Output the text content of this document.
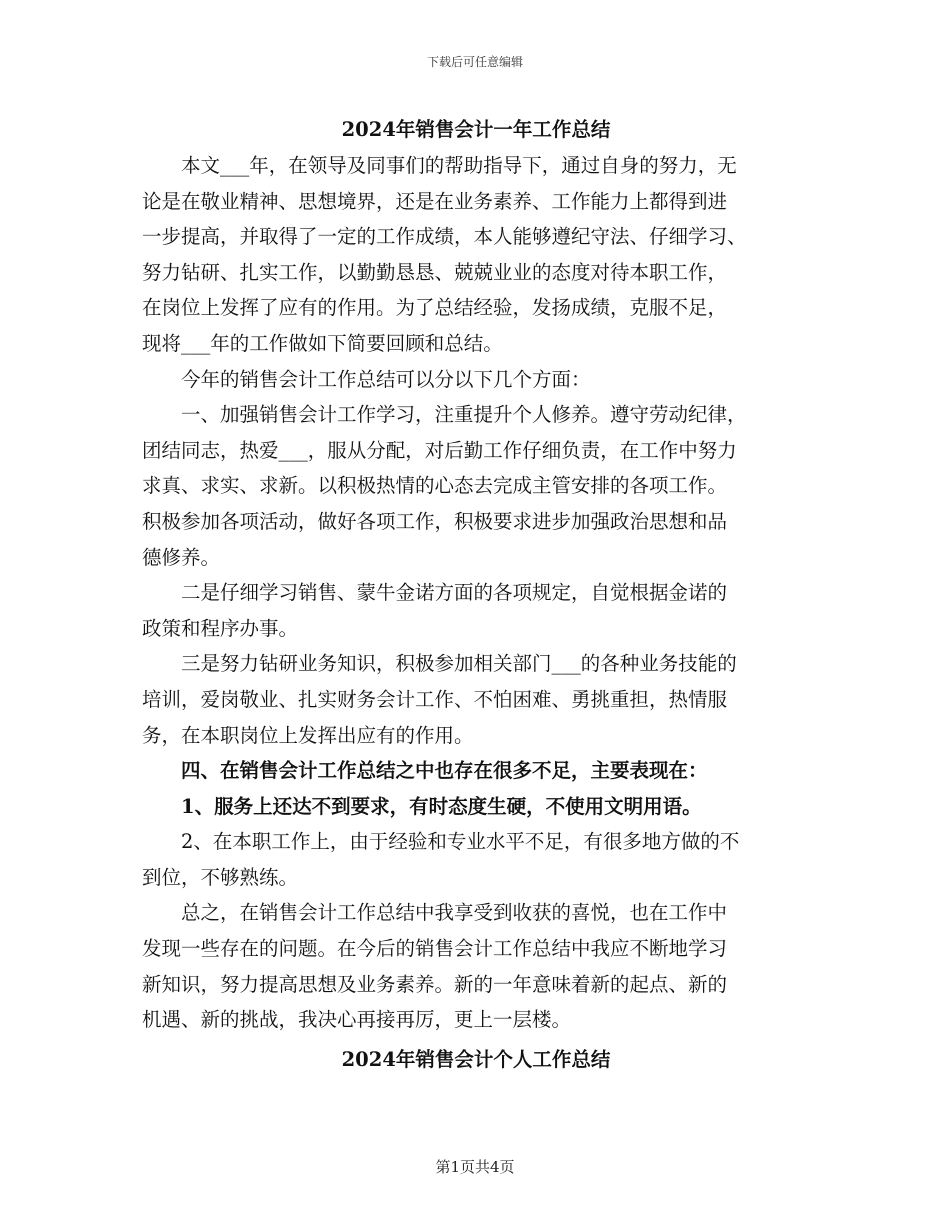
下载后可任意编辑
2024年销售会计一年工作总结
本文___年，在领导及同事们的帮助指导下，通过自身的努力，无
论是在敬业精神、思想境界，还是在业务素养、工作能力上都得到进
一步提高，并取得了一定的工作成绩，本人能够遵纪守法、仔细学习、
努力钻研、扎实工作，以勤勤恳恳、兢兢业业的态度对待本职工作，
在岗位上发挥了应有的作用。为了总结经验，发扬成绩，克服不足，
现将___年的工作做如下简要回顾和总结。
今年的销售会计工作总结可以分以下几个方面：
一、加强销售会计工作学习，注重提升个人修养。遵守劳动纪律，
团结同志，热爱___，服从分配，对后勤工作仔细负责，在工作中努力
求真、求实、求新。以积极热情的心态去完成主管安排的各项工作。
积极参加各项活动，做好各项工作，积极要求进步加强政治思想和品
德修养。
二是仔细学习销售、蒙牛金诺方面的各项规定，自觉根据金诺的
政策和程序办事。
三是努力钻研业务知识，积极参加相关部门___的各种业务技能的
培训，爱岗敬业、扎实财务会计工作、不怕困难、勇挑重担，热情服
务，在本职岗位上发挥出应有的作用。
四、在销售会计工作总结之中也存在很多不足，主要表现在：
1、服务上还达不到要求，有时态度生硬，不使用文明用语。
2、在本职工作上，由于经验和专业水平不足，有很多地方做的不
到位，不够熟练。
总之，在销售会计工作总结中我享受到收获的喜悦，也在工作中
发现一些存在的问题。在今后的销售会计工作总结中我应不断地学习
新知识，努力提高思想及业务素养。新的一年意味着新的起点、新的
机遇、新的挑战，我决心再接再厉，更上一层楼。
2024年销售会计个人工作总结
第1页共4页
